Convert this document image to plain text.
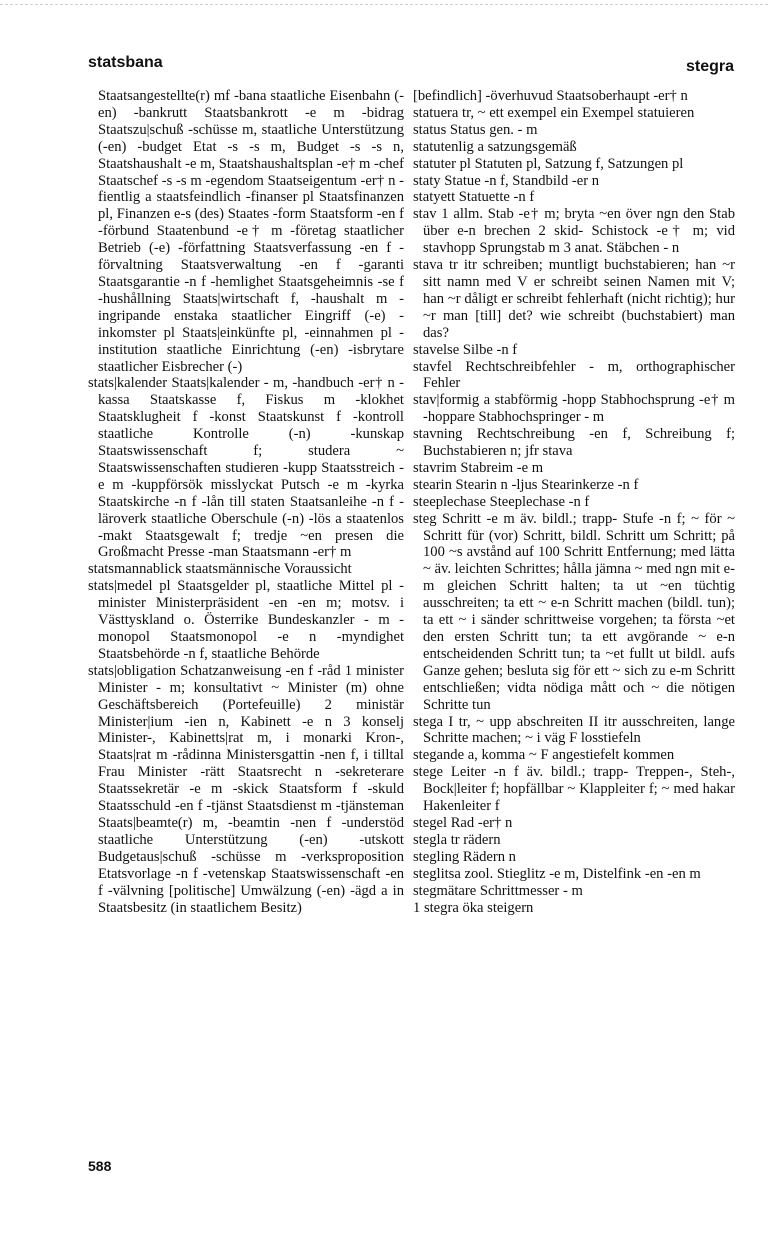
statsbana	stegra

Staatsangestellte(r) mf -bana staatliche Eisenbahn (-en) -bankrutt Staatsbankrott -e m -bidrag Staatszu|schuß -schüsse m, staatliche Unterstützung (-en) -budget Etat -s -s m, Budget -s -s n, Staatshaushalt -e m, Staatshaushaltsplan -e† m -chef Staatschef -s -s m -egendom Staatseigentum -er† n -fientlig a staatsfeindlich -finanser pl Staatsfinanzen pl, Finanzen e-s (des) Staates -form Staatsform -en f -förbund Staatenbund -e† m -företag staatlicher Betrieb (-e) -författning Staatsverfassung -en f -förvaltning Staatsverwaltung -en f -garanti Staatsgarantie -n f -hemlighet Staatsgeheimnis -se f -hushållning Staats|wirtschaft f, -haushalt m -ingripande enstaka staatlicher Eingriff (-e) -inkomster pl Staats|einkünfte pl, -einnahmen pl -institution staatliche Einrichtung (-en) -isbrytare staatlicher Eisbrecher (-)

stats|kalender Staats|kalender - m, -handbuch -er† n -kassa Staatskasse f, Fiskus m -klokhet Staatsklugheit f -konst Staatskunst f -kontroll staatliche Kontrolle (-n) -kunskap Staatswissenschaft f; studera ~ Staatswissenschaften studieren -kupp Staatsstreich -e m -kuppförsök misslyckat Putsch -e m -kyrka Staatskirche -n f -lån till staten Staatsanleihe -n f -läroverk staatliche Oberschule (-n) -lös a staatenlos -makt Staatsgewalt f; tredje ~en presen die Großmacht Presse -man Staatsmann -er† m

statsmannablick staatsmännische Voraussicht

stats|medel pl Staatsgelder pl, staatliche Mittel pl -minister Ministerpräsident -en -en m; motsv. i Västtyskland o. Österrike Bundeskanzler - m -monopol Staatsmonopol -e n -myndighet Staatsbehörde -n f, staatliche Behörde

stats|obligation Schatzanweisung -en f -råd 1 minister Minister - m; konsultativt ~ Minister (m) ohne Geschäftsbereich (Portefeuille) 2 ministär Minister|ium -ien n, Kabinett -e n 3 konselj Minister-, Kabinetts|rat m, i monarki Kron-, Staats|rat m -rådinna Ministersgattin -nen f, i tilltal Frau Minister -rätt Staatsrecht n -sekreterare Staatssekretär -e m -skick Staatsform f -skuld Staatsschuld -en f -tjänst Staatsdienst m -tjänsteman Staats|beamte(r) m, -beamtin -nen f -understöd staatliche Unterstützung (-en) -utskott Budgetaus|schuß -schüsse m -verksproposition Etatsvorlage -n f -vetenskap Staatswissenschaft -en f -välvning [politische] Umwälzung (-en) -ägd a in Staatsbesitz (in staatlichem Besitz)

[befindlich] -överhuvud Staatsoberhaupt -er† n

statuera tr, ~ ett exempel ein Exempel statuieren

status Status gen. - m

statutenlig a satzungsgemäß

statuter pl Statuten pl, Satzung f, Satzungen pl

staty Statue -n f, Standbild -er n

statyett Statuette -n f

stav 1 allm. Stab -e† m; bryta ~en över ngn den Stab über e-n brechen 2 skid- Schistock -e† m; vid stavhopp Sprungstab m 3 anat. Stäbchen - n

stava tr itr schreiben; muntligt buchstabieren; han ~r sitt namn med V er schreibt seinen Namen mit V; han ~r dåligt er schreibt fehlerhaft (nicht richtig); hur ~r man [till] det? wie schreibt (buchstabiert) man das?

stavelse Silbe -n f

stavfel Rechtschreibfehler - m, orthographischer Fehler

stav|formig a stabförmig -hopp Stabhochsprung -e† m -hoppare Stabhochspringer - m

stavning Rechtschreibung -en f, Schreibung f; Buchstabieren n; jfr stava

stavrim Stabreim -e m

stearin Stearin n -ljus Stearinkerze -n f

steeplechase Steeplechase -n f

steg Schritt -e m äv. bildl.; trapp- Stufe -n f; ~ för ~ Schritt für (vor) Schritt, bildl. Schritt um Schritt; på 100 ~s avstånd auf 100 Schritt Entfernung; med lätta ~ äv. leichten Schrittes; hålla jämna ~ med ngn mit e-m gleichen Schritt halten; ta ut ~en tüchtig ausschreiten; ta ett ~ e-n Schritt machen (bildl. tun); ta ett ~ i sänder schrittweise vorgehen; ta första ~et den ersten Schritt tun; ta ett avgörande ~ e-n entscheidenden Schritt tun; ta ~et fullt ut bildl. aufs Ganze gehen; besluta sig för ett ~ sich zu e-m Schritt entschließen; vidta nödiga mått och ~ die nötigen Schritte tun

stega I tr, ~ upp abschreiten II itr ausschreiten, lange Schritte machen; ~ i väg F losstiefeln

stegande a, komma ~ F angestiefelt kommen

stege Leiter -n f äv. bildl.; trapp- Treppen-, Steh-, Bock|leiter f; hopfällbar ~ Klappleiter f; ~ med hakar Hakenleiter f

stegel Rad -er† n

stegla tr rädern

stegling Rädern n

steglitsa zool. Stieglitz -e m, Distelfink -en -en m

stegmätare Schrittmesser - m

1 stegra öka steigern

588
